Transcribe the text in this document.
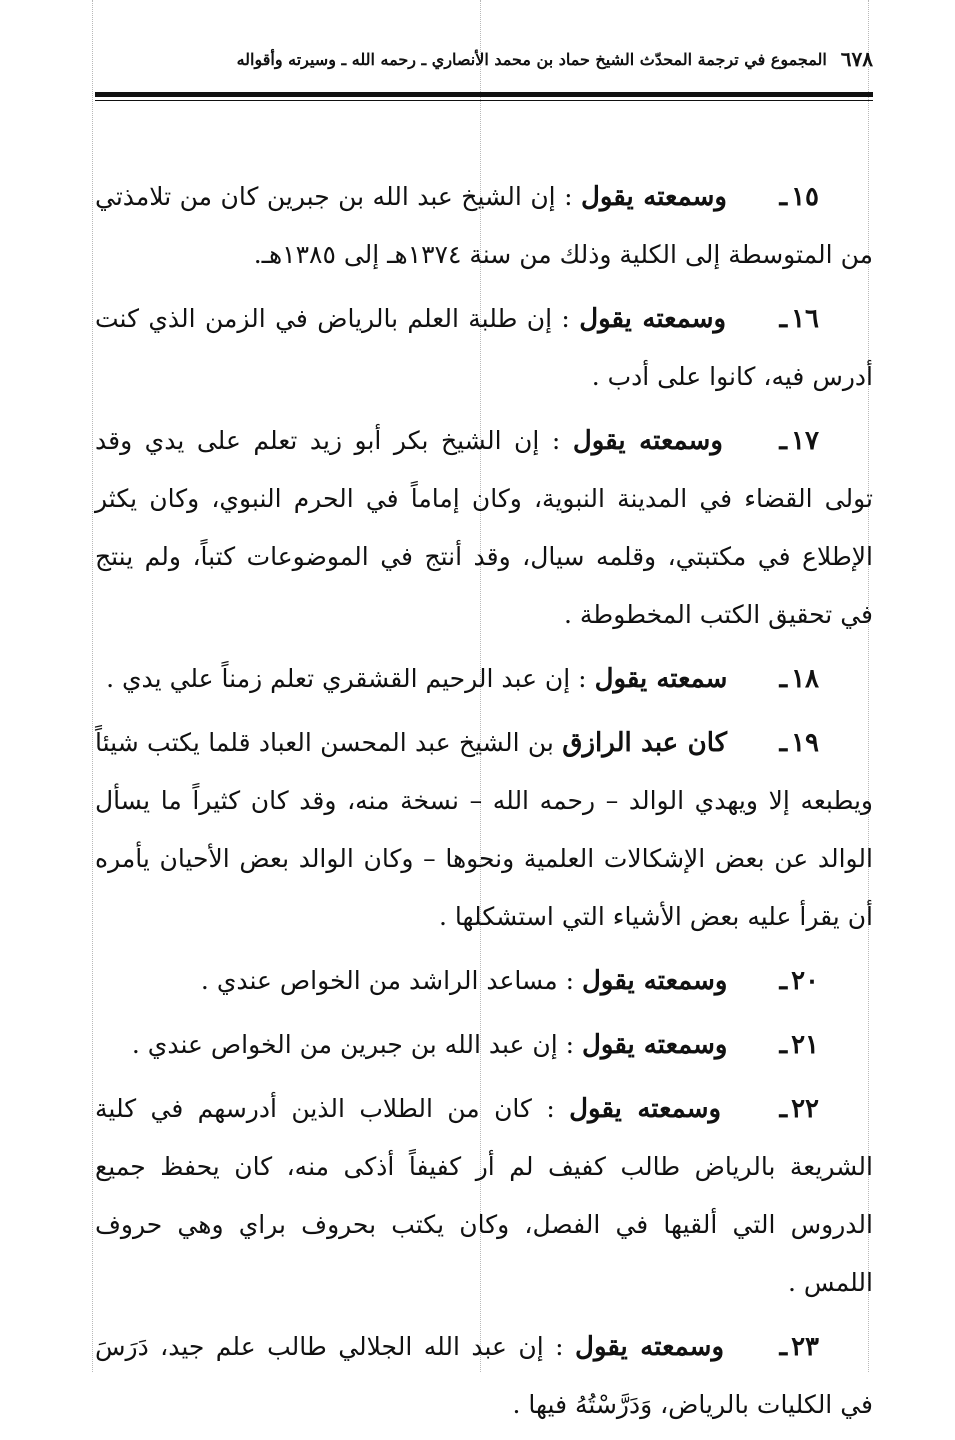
٦٧٨
المجموع في ترجمة المحدّث الشيخ حماد بن محمد الأنصاري ـ رحمه الله ـ وسيرته وأقواله

١٥ـ وسمعته يقول : إن الشيخ عبد الله بن جبرين كان من تلامذتي من المتوسطة إلى الكلية وذلك من سنة ١٣٧٤هـ إلى ١٣٨٥هـ.

١٦ـ وسمعته يقول : إن طلبة العلم بالرياض في الزمن الذي كنت أدرس فيه، كانوا على أدب .

١٧ـ وسمعته يقول : إن الشيخ بكر أبو زيد تعلم على يدي وقد تولى القضاء في المدينة النبوية، وكان إماماً في الحرم النبوي، وكان يكثر الإطلاع في مكتبتي، وقلمه سيال، وقد أنتج في الموضوعات كتباً، ولم ينتج في تحقيق الكتب المخطوطة .

١٨ـ سمعته يقول : إن عبد الرحيم القشقري تعلم زمناً علي يدي .

١٩ـ كان عبد الرازق بن الشيخ عبد المحسن العباد قلما يكتب شيئاً ويطبعه إلا ويهدي الوالد – رحمه الله – نسخة منه، وقد كان كثيراً ما يسأل الوالد عن بعض الإشكالات العلمية ونحوها – وكان الوالد بعض الأحيان يأمره أن يقرأ عليه بعض الأشياء التي استشكلها .

٢٠ـ وسمعته يقول : مساعد الراشد من الخواص عندي .

٢١ـ وسمعته يقول : إن عبد الله بن جبرين من الخواص عندي .

٢٢ـ وسمعته يقول : كان من الطلاب الذين أدرسهم في كلية الشريعة بالرياض طالب كفيف لم أر كفيفاً أذكى منه، كان يحفظ جميع الدروس التي ألقيها في الفصل، وكان يكتب بحروف براي وهي حروف اللمس .

٢٣ـ وسمعته يقول : إن عبد الله الجلالي طالب علم جيد، دَرَسَ في الكليات بالرياض، وَدَرَّسْتُهُ فيها .
